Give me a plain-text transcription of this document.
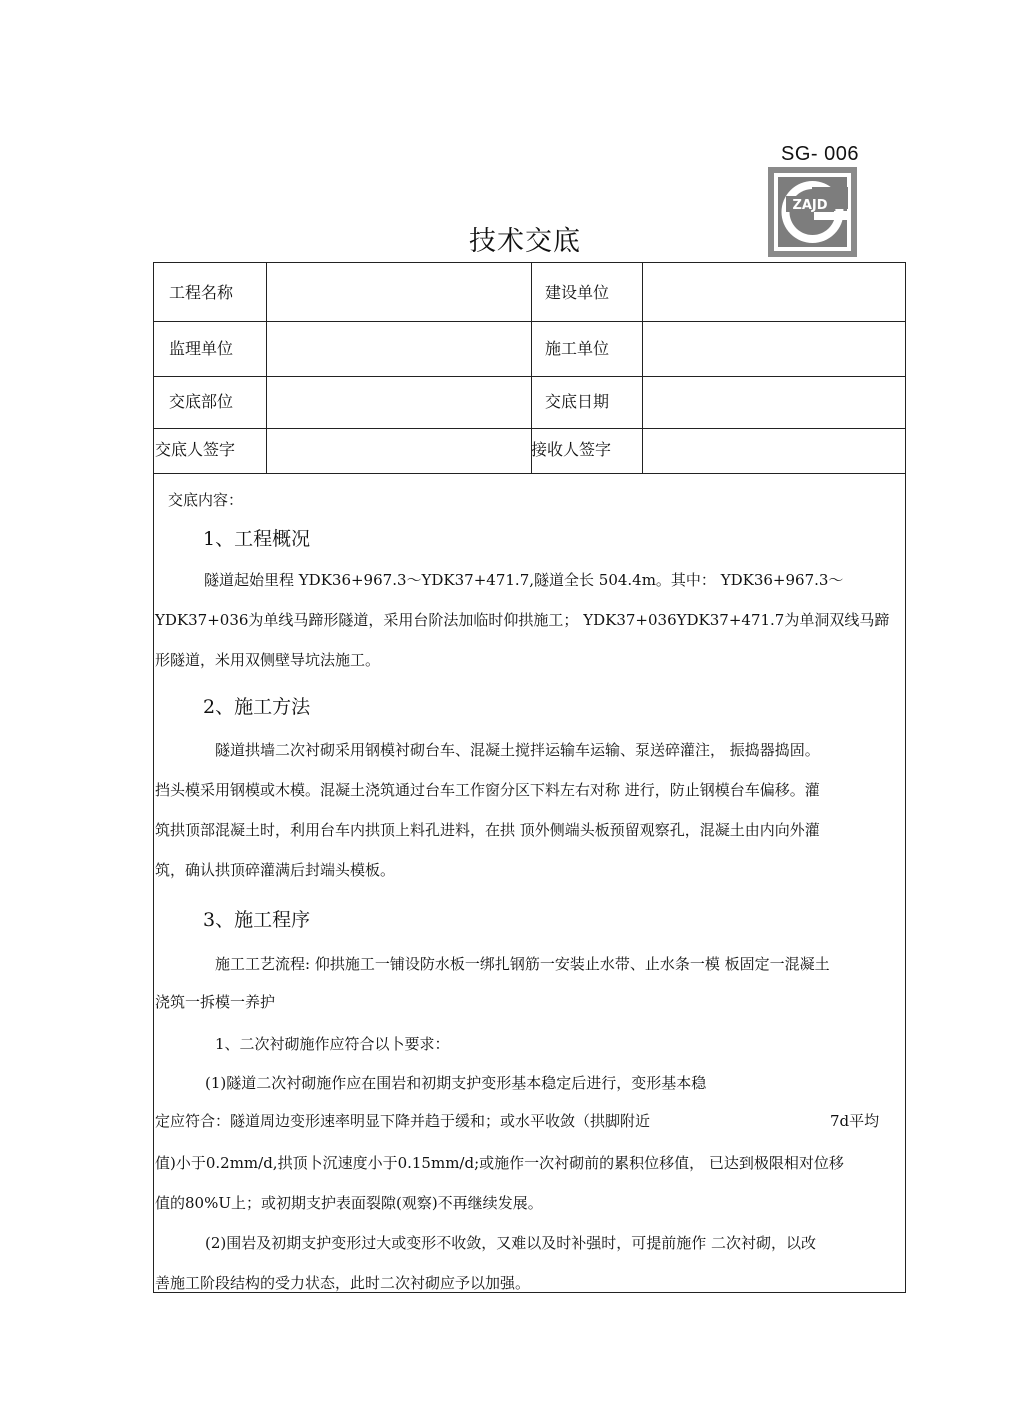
SG- 006
ZAJD
技术交底
工程名称	建设单位
监理单位	施工单位
交底部位	交底日期
交底人签字	接收人签字

交底内容：

1、工程概况

隧道起始里程 YDK36+967.3～YDK37+471.7,隧道全长 504.4m。其中： YDK36+967.3～

YDK37+036为单线马蹄形隧道，采用台阶法加临时仰拱施工； YDK37+036YDK37+471.7为单洞双线马蹄

形隧道，米用双侧壁导坑法施工。

2、施工方法

隧道拱墙二次衬砌采用钢模衬砌台车、混凝土搅拌运输车运输、泵送碎灌注， 振捣器捣固。

挡头模采用钢模或木模。混凝土浇筑通过台车工作窗分区下料左右对称 进行，防止钢模台车偏移。灌

筑拱顶部混凝土时，利用台车内拱顶上料孔进料，在拱 顶外侧端头板预留观察孔，混凝土由内向外灌

筑，确认拱顶碎灌满后封端头模板。

3、施工程序

施工工艺流程: 仰拱施工一铺设防水板一绑扎钢筋一安装止水带、止水条一模 板固定一混凝土

浇筑一拆模一养护

1、二次衬砌施作应符合以卜要求：

(1)隧道二次衬砌施作应在围岩和初期支护变形基本稳定后进行，变形基本稳

定应符合：隧道周边变形速率明显下降并趋于缓和；或水平收敛（拱脚附近	7d平均

值)小于0.2mm/d,拱顶卜沉速度小于0.15mm/d;或施作一次衬砌前的累积位移值， 已达到极限相对位移

值的80%U上；或初期支护表面裂隙(观察)不再继续发展。

(2)围岩及初期支护变形过大或变形不收敛，又难以及时补强时，可提前施作 二次衬砌，以改

善施工阶段结构的受力状态，此时二次衬砌应予以加强。
